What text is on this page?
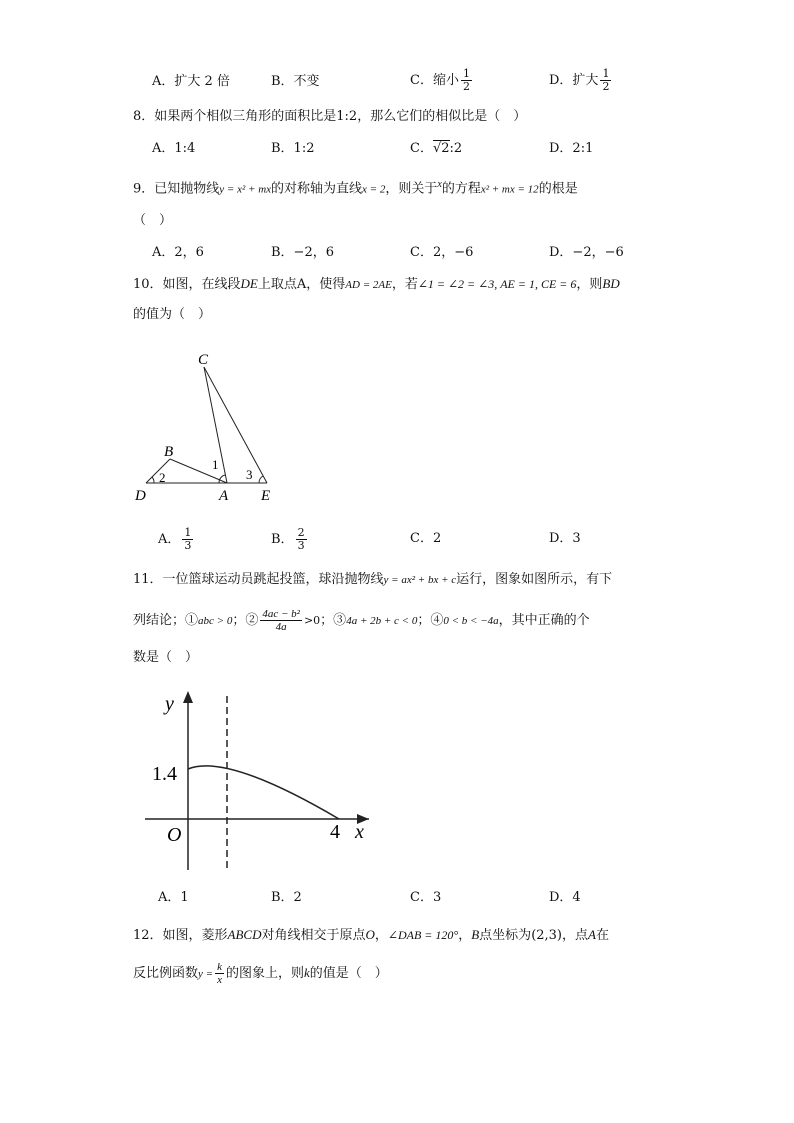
A．扩大 2 倍	B．不变	C．缩小 $\frac{1}{2}$	D．扩大 $\frac{1}{2}$
8．如果两个相似三角形的面积比是1:2，那么它们的相似比是（　）
A．1:4	B．1:2	C．√2:2	D．2:1
9．已知抛物线y = x² + mx的对称轴为直线x = 2，则关于$^x$的方程x² + mx = 12的根是
（　）
A．2，6	B．−2，6	C．2，−6	D．−2，−6
10．如图，在线段DE上取点A，使得AD = 2AE，若∠1 = ∠2 = ∠3, AE = 1, CE = 6，则BD
的值为（　）
C
B
D	A E
1
2	3
A． $\frac{1}{3}$	B． $\frac{2}{3}$	C．2	D．3
11．一位篮球运动员跳起投篮，球沿抛物线y = ax² + bx + c运行，图象如图所示，有下
列结论；①abc > 0；② $\frac{\text{4ac − b²}}{4a} >0$；③4a + 2b + c < 0；④0 < b < −4a，其中正确的个
数是（　）
y
x
O
1.4
4
A．1	B．2	C．3	D．4
12．如图，菱形ABCD对角线相交于原点O，∠DAB = 120°，B点坐标为(2,3)，点A在
反比例函数$y = \frac{k}{x}$ 的图象上，则k的值是（　）
